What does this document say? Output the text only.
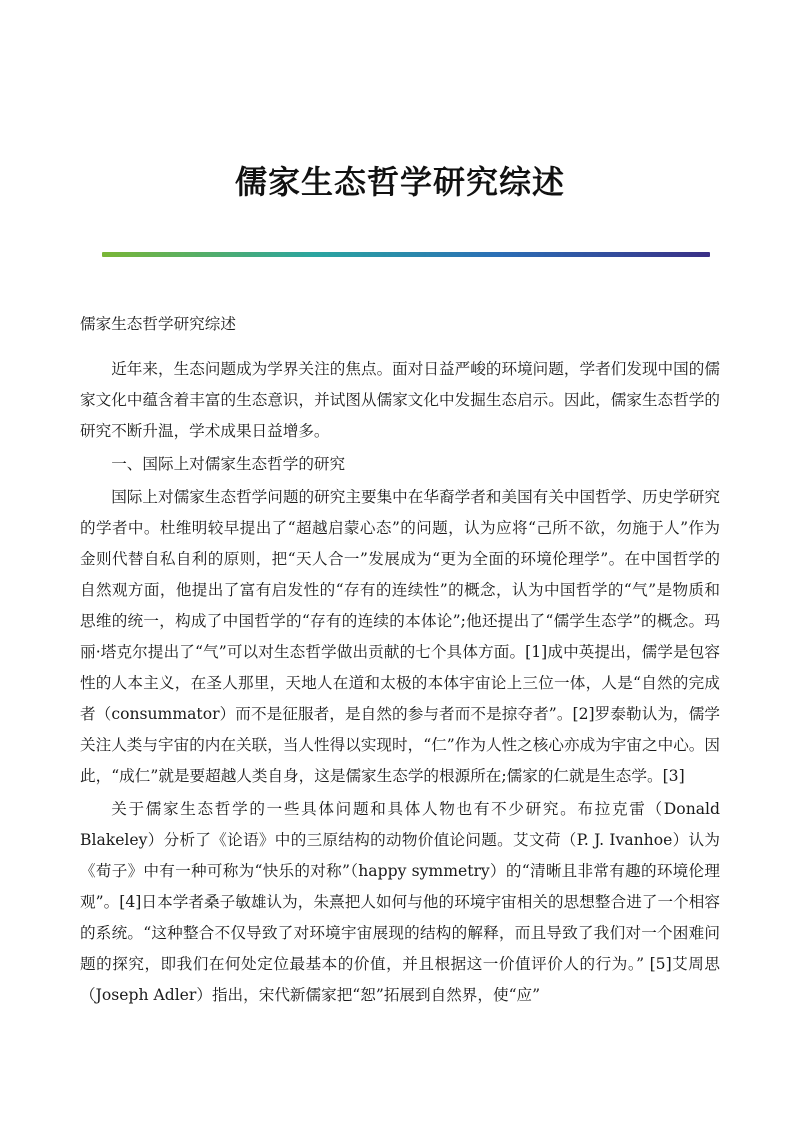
儒家生态哲学研究综述

儒家生态哲学研究综述

近年来，生态问题成为学界关注的焦点。面对日益严峻的环境问题，学者们发现中国的儒家文化中蕴含着丰富的生态意识，并试图从儒家文化中发掘生态启示。因此，儒家生态哲学的研究不断升温，学术成果日益增多。

一、国际上对儒家生态哲学的研究

国际上对儒家生态哲学问题的研究主要集中在华裔学者和美国有关中国哲学、历史学研究的学者中。杜维明较早提出了“超越启蒙心态”的问题，认为应将“己所不欲，勿施于人”作为金则代替自私自利的原则，把“天人合一”发展成为“更为全面的环境伦理学”。在中国哲学的自然观方面，他提出了富有启发性的“存有的连续性”的概念，认为中国哲学的“气”是物质和思维的统一，构成了中国哲学的“存有的连续的本体论”;他还提出了“儒学生态学”的概念。玛丽·塔克尔提出了“气”可以对生态哲学做出贡献的七个具体方面。[1]成中英提出，儒学是包容性的人本主义，在圣人那里，天地人在道和太极的本体宇宙论上三位一体，人是“自然的完成者（consummator）而不是征服者，是自然的参与者而不是掠夺者”。[2]罗泰勒认为，儒学关注人类与宇宙的内在关联，当人性得以实现时，“仁”作为人性之核心亦成为宇宙之中心。因此，“成仁”就是要超越人类自身，这是儒家生态学的根源所在;儒家的仁就是生态学。[3]

关于儒家生态哲学的一些具体问题和具体人物也有不少研究。布拉克雷（Donald Blakeley）分析了《论语》中的三原结构的动物价值论问题。艾文荷（P. J. Ivanhoe）认为《荀子》中有一种可称为“快乐的对称”（happy symmetry）的“清晰且非常有趣的环境伦理观”。[4]日本学者桑子敏雄认为，朱熹把人如何与他的环境宇宙相关的思想整合进了一个相容的系统。“这种整合不仅导致了对环境宇宙展现的结构的解释，而且导致了我们对一个困难问题的探究，即我们在何处定位最基本的价值，并且根据这一价值评价人的行为。” [5]艾周思（Joseph Adler）指出，宋代新儒家把“恕”拓展到自然界，使“应”
